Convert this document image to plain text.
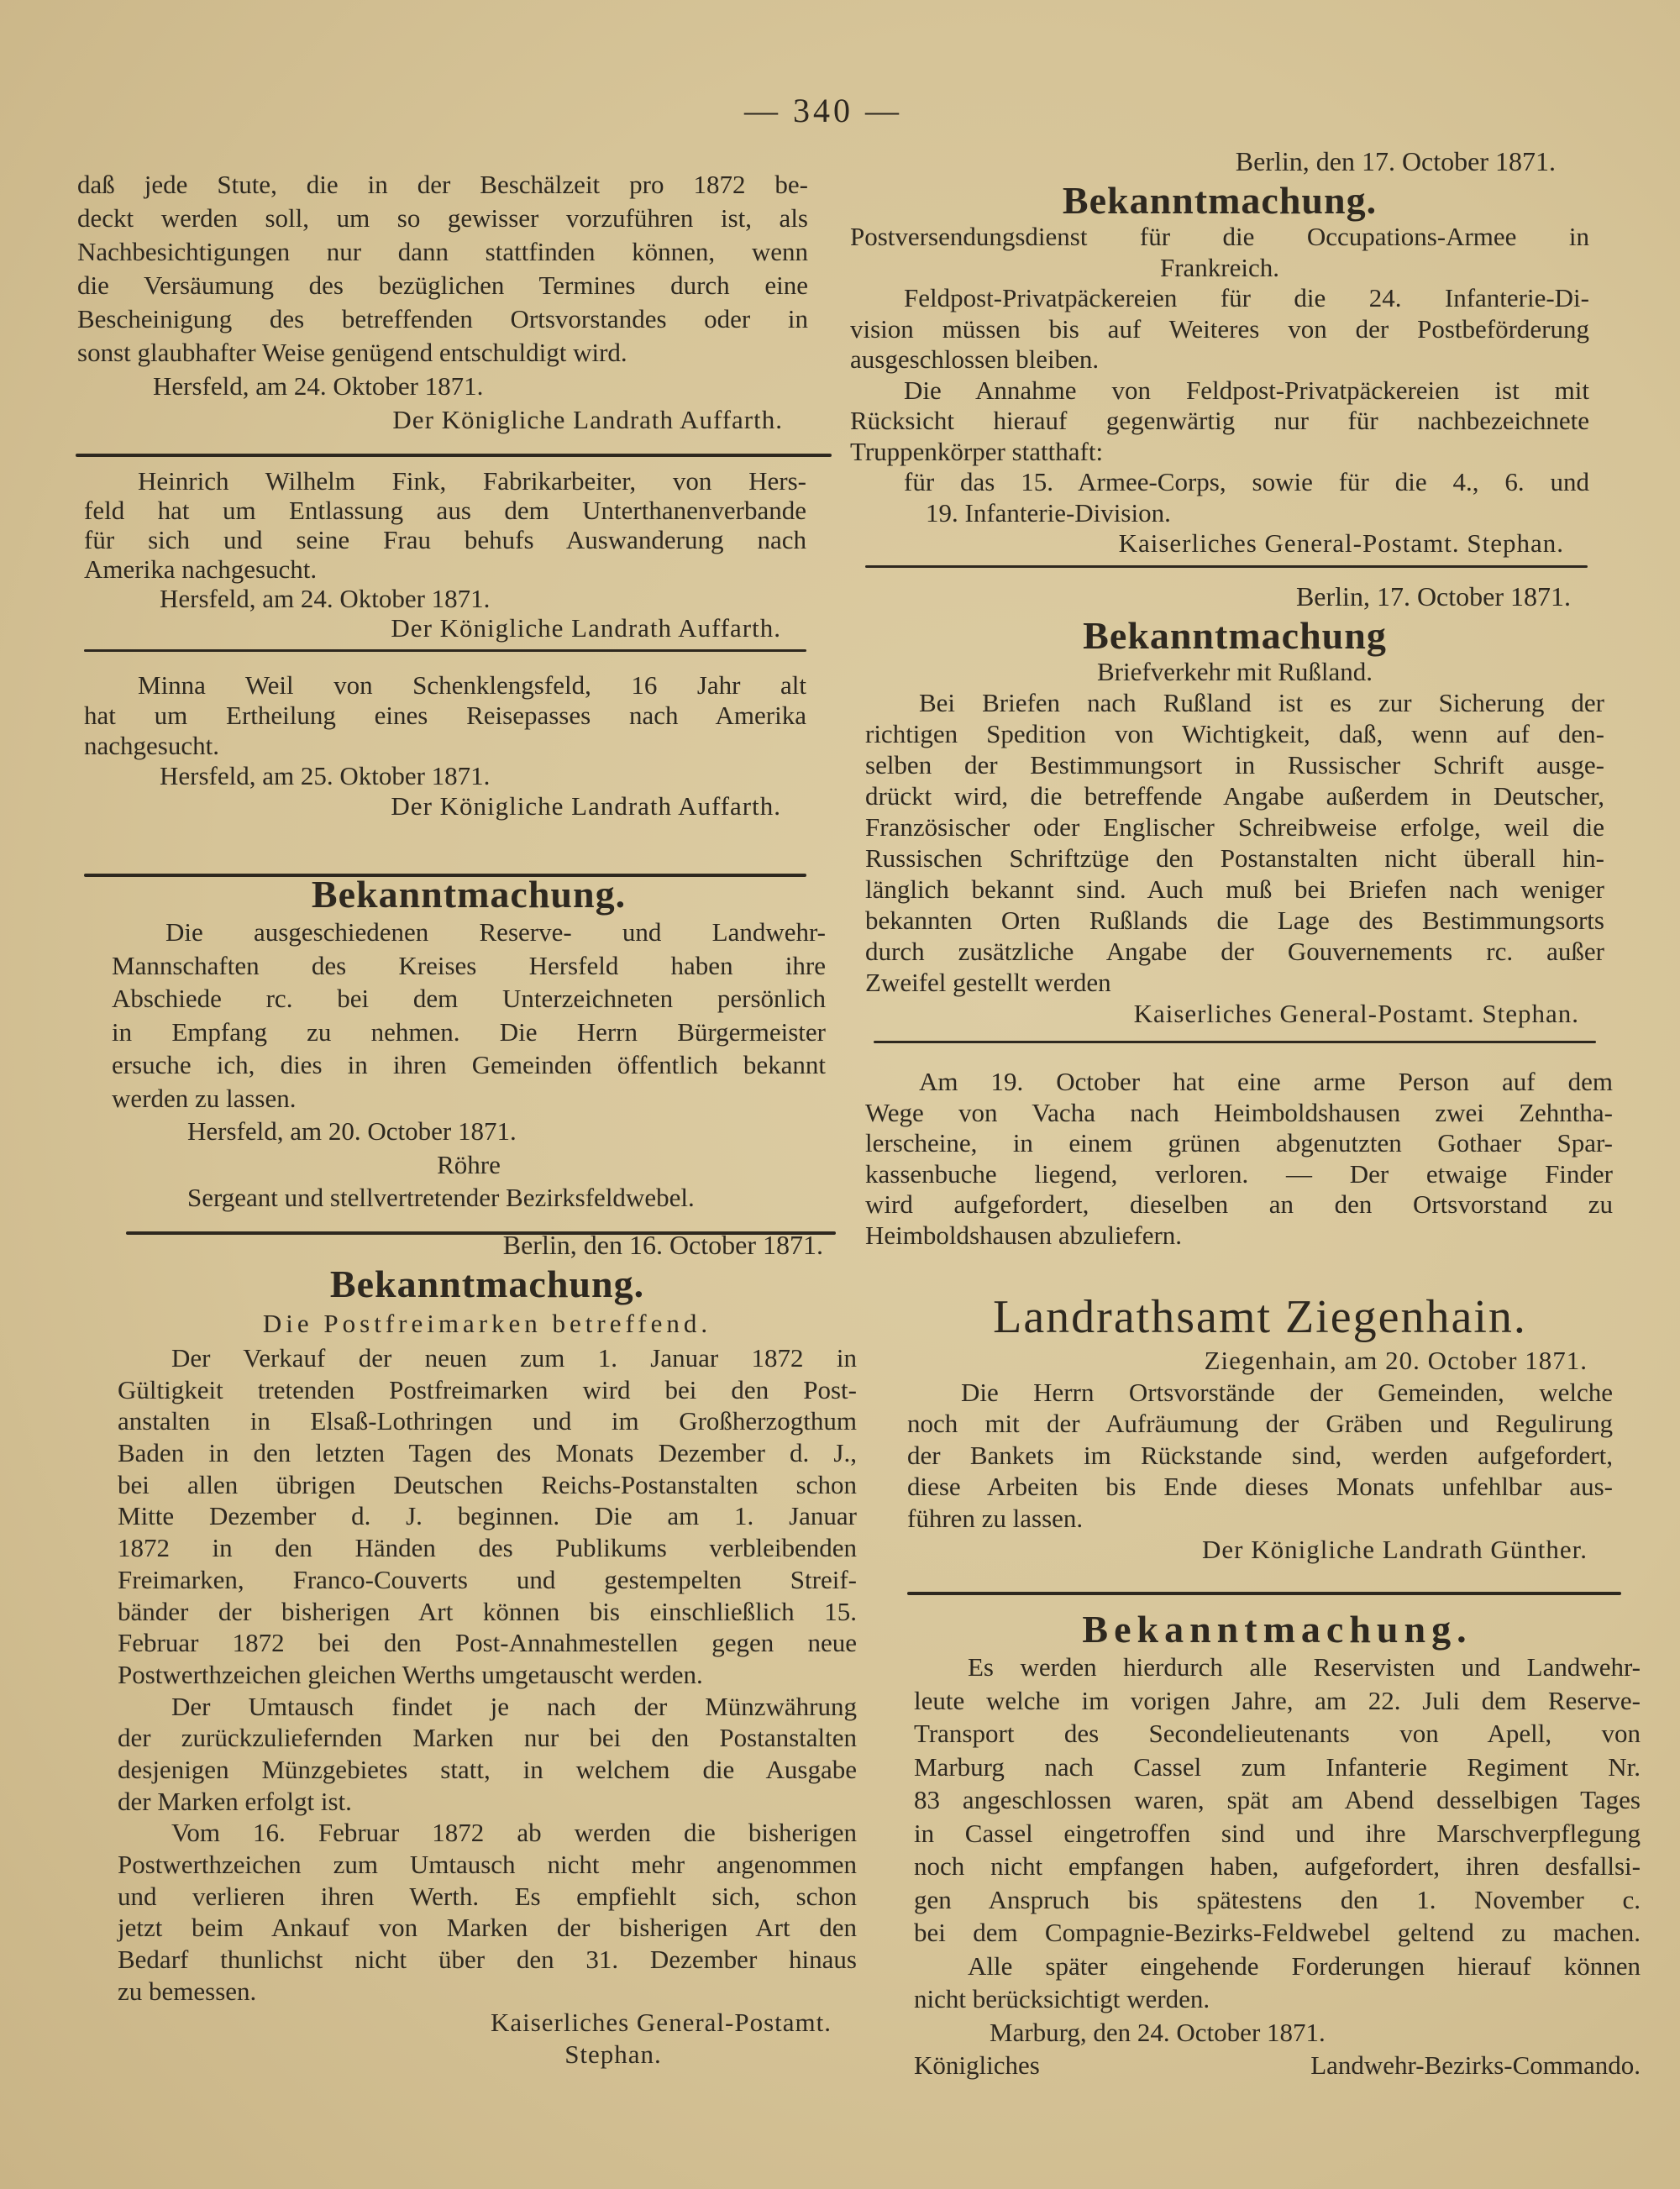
— 340 —
daß jede Stute, die in der Beschälzeit pro 1872 be-
deckt werden soll, um so gewisser vorzuführen ist, als
Nachbesichtigungen nur dann stattfinden können, wenn
die Versäumung des bezüglichen Termines durch eine
Bescheinigung des betreffenden Ortsvorstandes oder in
sonst glaubhafter Weise genügend entschuldigt wird.
Hersfeld, am 24. Oktober 1871.
Der Königliche Landrath Auffarth.
Heinrich Wilhelm Fink, Fabrikarbeiter, von Hers-
feld hat um Entlassung aus dem Unterthanenverbande
für sich und seine Frau behufs Auswanderung nach
Amerika nachgesucht.
Hersfeld, am 24. Oktober 1871.
Der Königliche Landrath Auffarth.
Minna Weil von Schenklengsfeld, 16 Jahr alt
hat um Ertheilung eines Reisepasses nach Amerika
nachgesucht.
Hersfeld, am 25. Oktober 1871.
Der Königliche Landrath Auffarth.
Bekanntmachung.
Die ausgeschiedenen Reserve- und Landwehr-
Mannschaften des Kreises Hersfeld haben ihre
Abschiede rc. bei dem Unterzeichneten persönlich
in Empfang zu nehmen. Die Herrn Bürgermeister
ersuche ich, dies in ihren Gemeinden öffentlich bekannt
werden zu lassen.
Hersfeld, am 20. October 1871.
Röhre
Sergeant und stellvertretender Bezirksfeldwebel.
Berlin, den 16. October 1871.
Bekanntmachung.
Die Postfreimarken betreffend.
Der Verkauf der neuen zum 1. Januar 1872 in
Gültigkeit tretenden Postfreimarken wird bei den Post-
anstalten in Elsaß-Lothringen und im Großherzogthum
Baden in den letzten Tagen des Monats Dezember d. J.,
bei allen übrigen Deutschen Reichs-Postanstalten schon
Mitte Dezember d. J. beginnen. Die am 1. Januar
1872 in den Händen des Publikums verbleibenden
Freimarken, Franco-Couverts und gestempelten Streif-
bänder der bisherigen Art können bis einschließlich 15.
Februar 1872 bei den Post-Annahmestellen gegen neue
Postwerthzeichen gleichen Werths umgetauscht werden.
Der Umtausch findet je nach der Münzwährung
der zurückzuliefernden Marken nur bei den Postanstalten
desjenigen Münzgebietes statt, in welchem die Ausgabe
der Marken erfolgt ist.
Vom 16. Februar 1872 ab werden die bisherigen
Postwerthzeichen zum Umtausch nicht mehr angenommen
und verlieren ihren Werth. Es empfiehlt sich, schon
jetzt beim Ankauf von Marken der bisherigen Art den
Bedarf thunlichst nicht über den 31. Dezember hinaus
zu bemessen.
Kaiserliches General-Postamt.
Stephan.
Berlin, den 17. October 1871.
Bekanntmachung.
Postversendungsdienst für die Occupations-Armee in
Frankreich.
Feldpost-Privatpäckereien für die 24. Infanterie-Di-
vision müssen bis auf Weiteres von der Postbeförderung
ausgeschlossen bleiben.
Die Annahme von Feldpost-Privatpäckereien ist mit
Rücksicht hierauf gegenwärtig nur für nachbezeichnete
Truppenkörper statthaft:
für das 15. Armee-Corps, sowie für die 4., 6. und
19. Infanterie-Division.
Kaiserliches General-Postamt. Stephan.
Berlin, 17. October 1871.
Bekanntmachung
Briefverkehr mit Rußland.
Bei Briefen nach Rußland ist es zur Sicherung der
richtigen Spedition von Wichtigkeit, daß, wenn auf den-
selben der Bestimmungsort in Russischer Schrift ausge-
drückt wird, die betreffende Angabe außerdem in Deutscher,
Französischer oder Englischer Schreibweise erfolge, weil die
Russischen Schriftzüge den Postanstalten nicht überall hin-
länglich bekannt sind. Auch muß bei Briefen nach weniger
bekannten Orten Rußlands die Lage des Bestimmungsorts
durch zusätzliche Angabe der Gouvernements rc. außer
Zweifel gestellt werden
Kaiserliches General-Postamt. Stephan.
Am 19. October hat eine arme Person auf dem
Wege von Vacha nach Heimboldshausen zwei Zehntha-
lerscheine, in einem grünen abgenutzten Gothaer Spar-
kassenbuche liegend, verloren. — Der etwaige Finder
wird aufgefordert, dieselben an den Ortsvorstand zu
Heimboldshausen abzuliefern.
Landrathsamt Ziegenhain.
Ziegenhain, am 20. October 1871.
Die Herrn Ortsvorstände der Gemeinden, welche
noch mit der Aufräumung der Gräben und Regulirung
der Bankets im Rückstande sind, werden aufgefordert,
diese Arbeiten bis Ende dieses Monats unfehlbar aus-
führen zu lassen.
Der Königliche Landrath Günther.
Bekanntmachung.
Es werden hierdurch alle Reservisten und Landwehr-
leute welche im vorigen Jahre, am 22. Juli dem Reserve-
Transport des Secondelieutenants von Apell, von
Marburg nach Cassel zum Infanterie Regiment Nr.
83 angeschlossen waren, spät am Abend desselbigen Tages
in Cassel eingetroffen sind und ihre Marschverpflegung
noch nicht empfangen haben, aufgefordert, ihren desfallsi-
gen Anspruch bis spätestens den 1. November c.
bei dem Compagnie-Bezirks-Feldwebel geltend zu machen.
Alle später eingehende Forderungen hierauf können
nicht berücksichtigt werden.
Marburg, den 24. October 1871.
Königliches Landwehr-Bezirks-Commando.
